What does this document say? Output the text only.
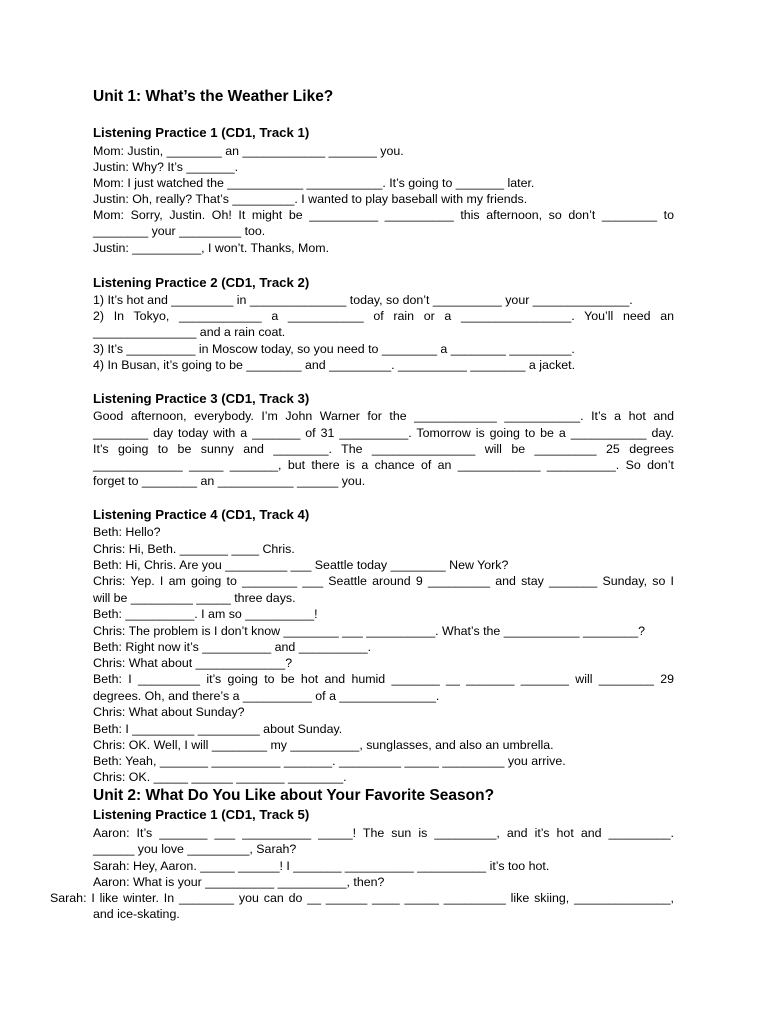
Unit 1: What’s the Weather Like?
Listening Practice 1 (CD1, Track 1)
Mom: Justin, ________ an ____________ _______ you.
Justin: Why? It’s _______.
Mom: I just watched the ___________ ___________. It’s going to _______ later.
Justin: Oh, really? That’s _________. I wanted to play baseball with my friends.
Mom: Sorry, Justin. Oh! It might be __________ __________ this afternoon, so don’t ________ to
________ your _________ too.
Justin: __________, I won’t. Thanks, Mom.
Listening Practice 2 (CD1, Track 2)
1) It’s hot and _________ in ______________ today, so don’t __________ your ______________.
2) In Tokyo, ____________ a ___________ of rain or a ________________. You’ll need an
_______________ and a rain coat.
3) It’s __________ in Moscow today, so you need to ________ a ________ _________.
4) In Busan, it’s going to be ________ and _________. __________ ________ a jacket.
Listening Practice 3 (CD1, Track 3)
Good afternoon, everybody. I’m John Warner for the ____________ ___________. It’s a hot and
________ day today with a _______ of 31 __________. Tomorrow is going to be a ___________ day.
It’s going to be sunny and ________. The _______________ will be _________ 25 degrees
_____________ _____ _______, but there is a chance of an ____________ __________. So don’t
forget to ________ an ___________ ______ you.
Listening Practice 4 (CD1, Track 4)
Beth: Hello?
Chris: Hi, Beth. _______ ____ Chris.
Beth: Hi, Chris. Are you _________ ___ Seattle today ________ New York?
Chris: Yep. I am going to ________ ___ Seattle around 9 _________ and stay _______ Sunday, so I
will be _________ _____ three days.
Beth: __________. I am so __________!
Chris: The problem is I don’t know ________ ___ __________. What’s the ___________ ________?
Beth: Right now it’s __________ and __________.
Chris: What about _____________?
Beth: I _________ it’s going to be hot and humid _______ __ _______ _______ will ________ 29
degrees. Oh, and there’s a __________ of a ______________.
Chris: What about Sunday?
Beth: I _________ _________ about Sunday.
Chris: OK. Well, I will ________ my __________, sunglasses, and also an umbrella.
Beth: Yeah, _______ __________ _______. _________ _____ _________ you arrive.
Chris: OK. _____ ______ _______ ________.
Unit 2: What Do You Like about Your Favorite Season?
Listening Practice 1 (CD1, Track 5)
Aaron: It’s _______ ___ __________ _____! The sun is _________, and it’s hot and _________.
______ you love _________, Sarah?
Sarah: Hey, Aaron. _____ ______! I _______ __________ __________ it’s too hot.
Aaron: What is your __________ __________, then?
Sarah: I like winter. In ________ you can do __ ______ ____ _____ _________ like skiing, ______________,
and ice-skating.
